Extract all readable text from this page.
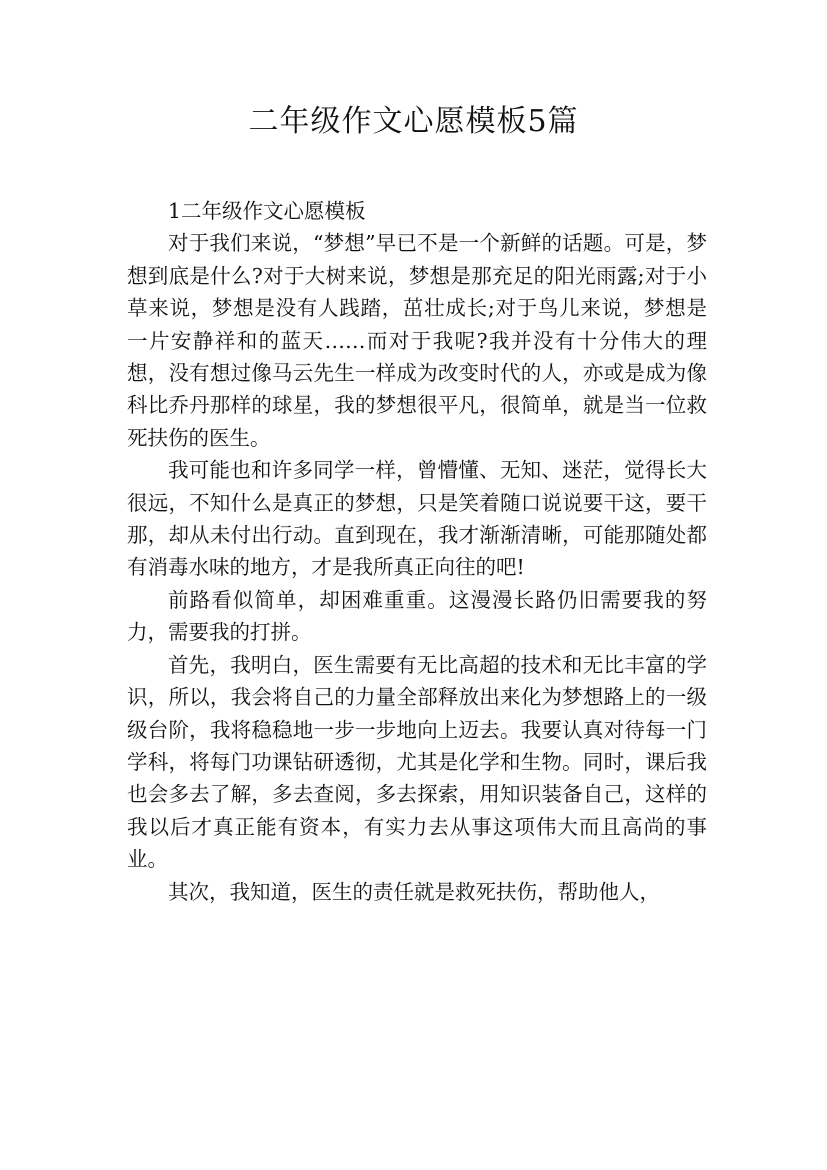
二年级作文心愿模板5篇

1二年级作文心愿模板

对于我们来说，“梦想”早已不是一个新鲜的话题。可是，梦想到底是什么?对于大树来说，梦想是那充足的阳光雨露;对于小草来说，梦想是没有人践踏，茁壮成长;对于鸟儿来说，梦想是一片安静祥和的蓝天……而对于我呢?我并没有十分伟大的理想，没有想过像马云先生一样成为改变时代的人，亦或是成为像科比乔丹那样的球星，我的梦想很平凡，很简单，就是当一位救死扶伤的医生。

我可能也和许多同学一样，曾懵懂、无知、迷茫，觉得长大很远，不知什么是真正的梦想，只是笑着随口说说要干这，要干那，却从未付出行动。直到现在，我才渐渐清晰，可能那随处都有消毒水味的地方，才是我所真正向往的吧!

前路看似简单，却困难重重。这漫漫长路仍旧需要我的努力，需要我的打拼。

首先，我明白，医生需要有无比高超的技术和无比丰富的学识，所以，我会将自己的力量全部释放出来化为梦想路上的一级级台阶，我将稳稳地一步一步地向上迈去。我要认真对待每一门学科，将每门功课钻研透彻，尤其是化学和生物。同时，课后我也会多去了解，多去查阅，多去探索，用知识装备自己，这样的我以后才真正能有资本，有实力去从事这项伟大而且高尚的事业。

其次，我知道，医生的责任就是救死扶伤，帮助他人，
